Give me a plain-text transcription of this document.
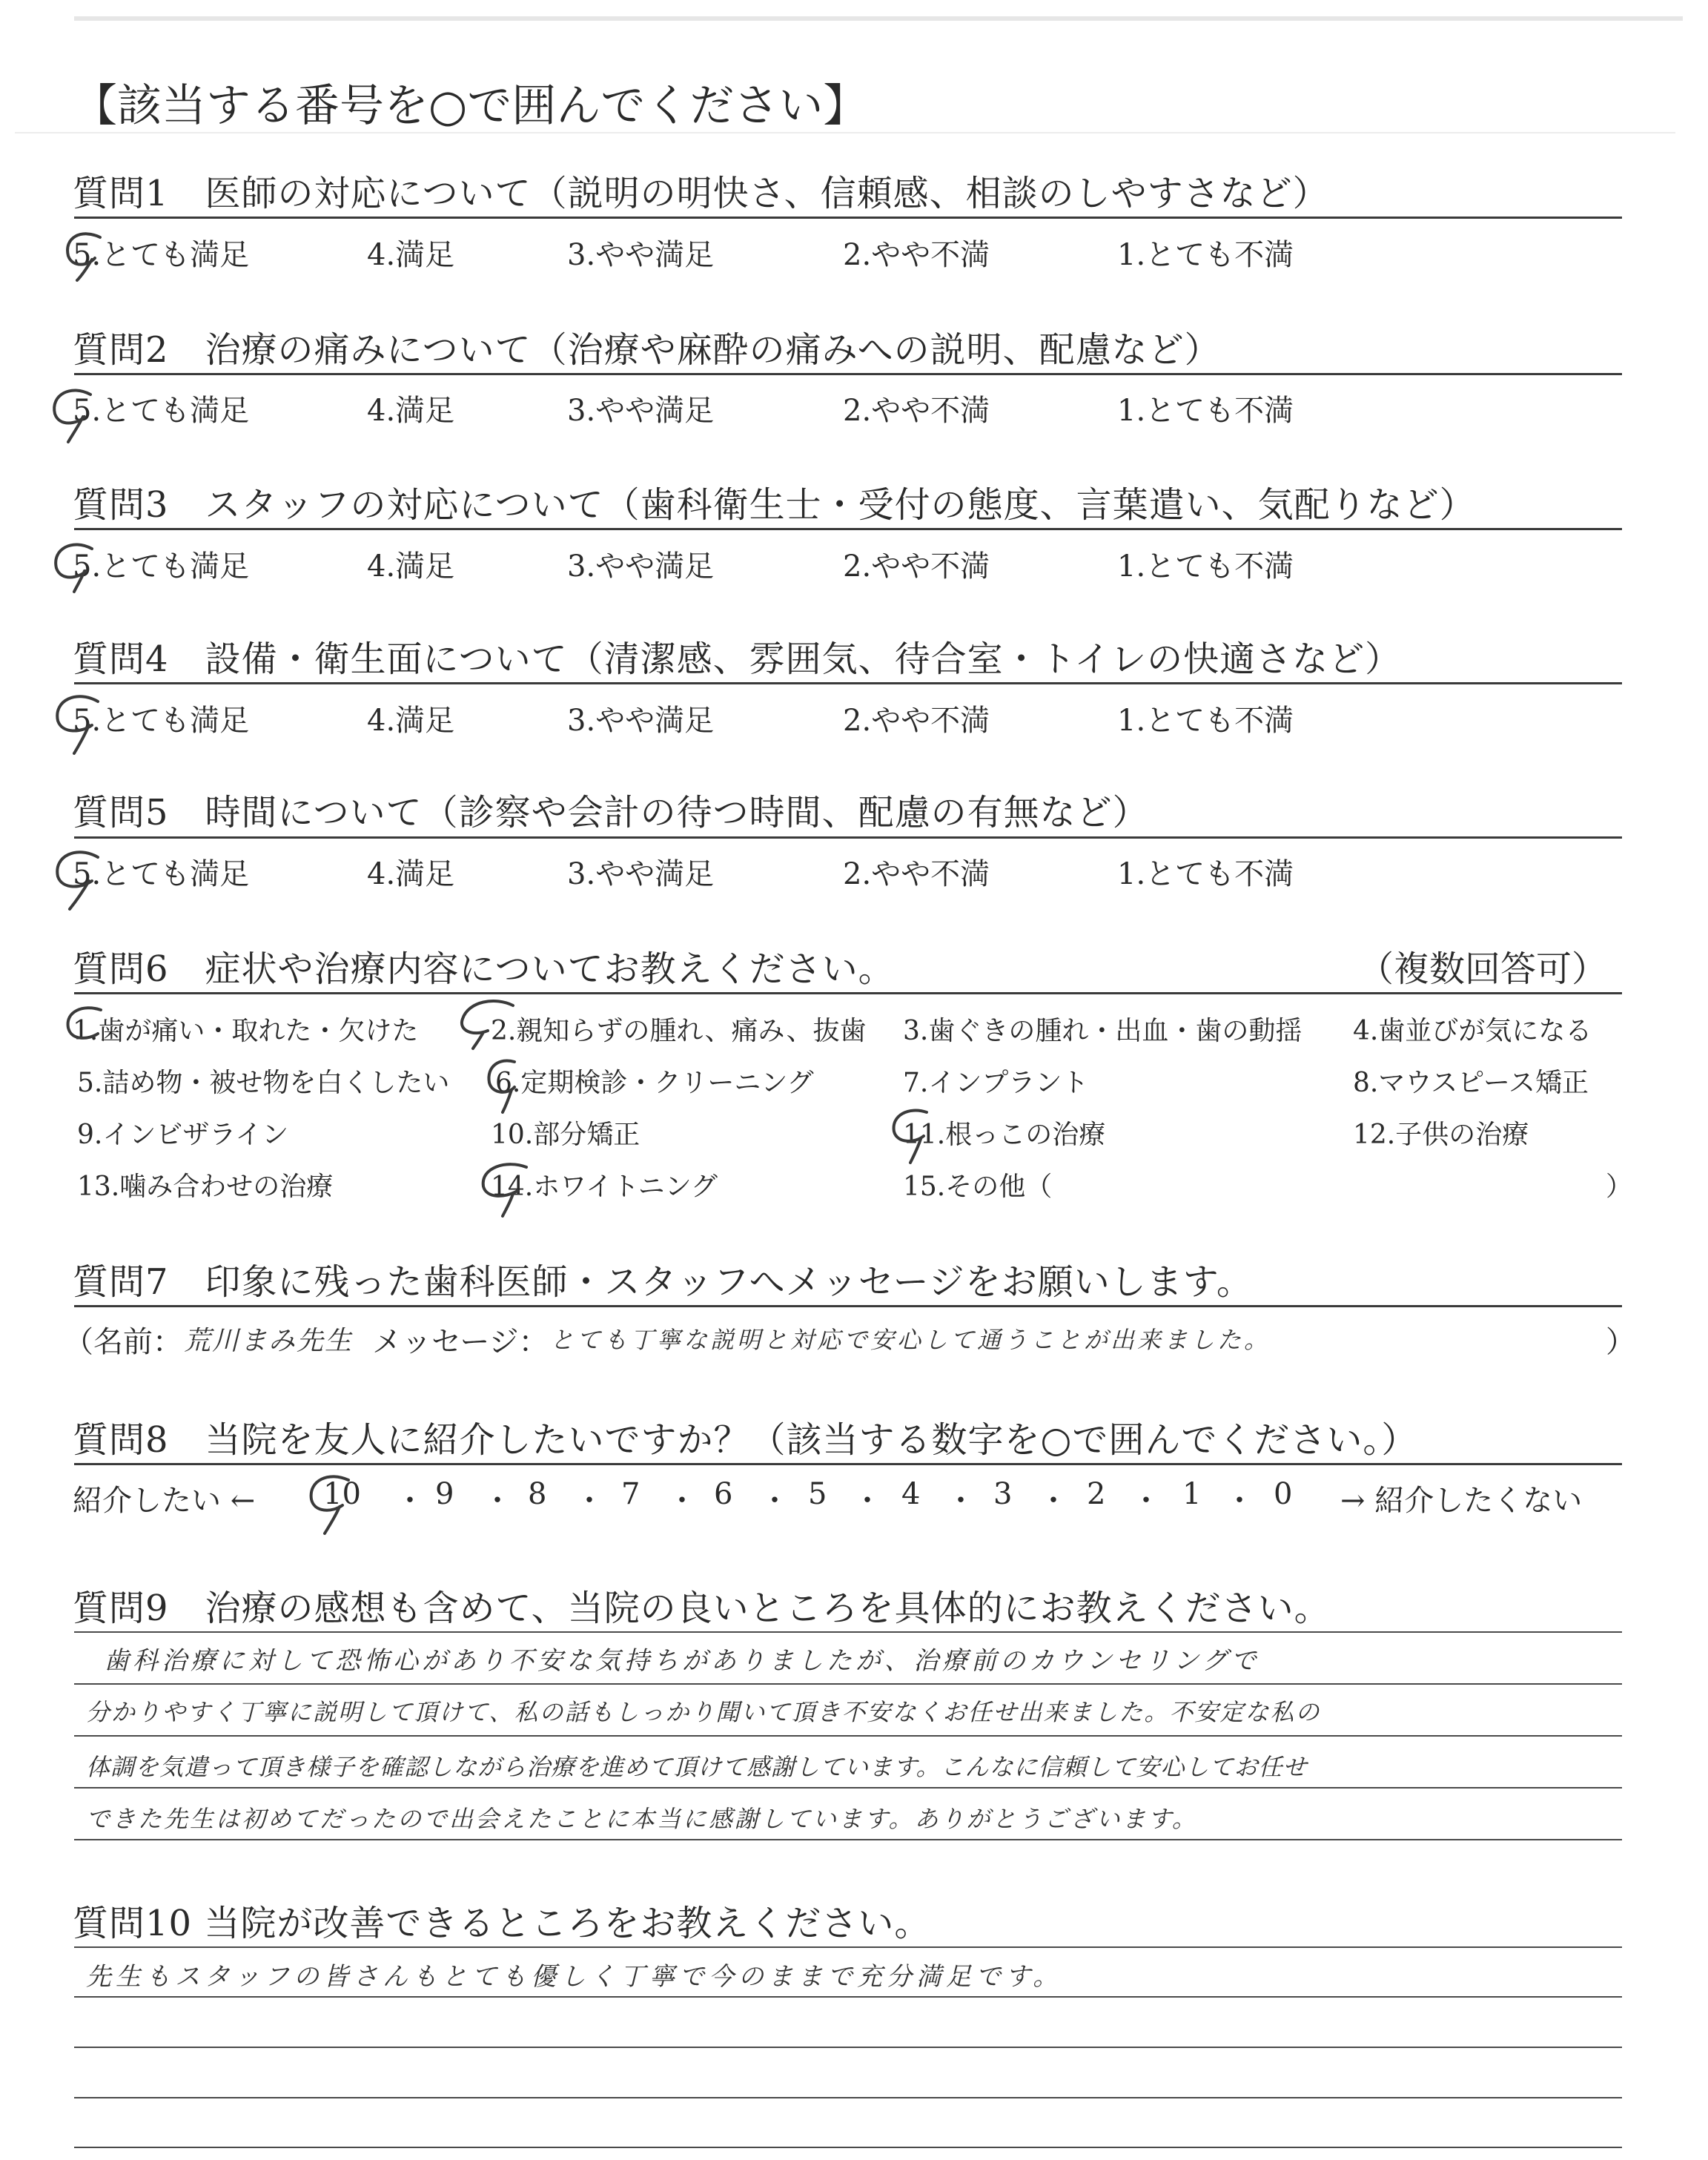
【該当する番号を○で囲んでください】
質問1　医師の対応について（説明の明快さ、信頼感、相談のしやすさなど）
5.とても満足	4.満足	3.やや満足	2.やや不満	1.とても不満
質問2　治療の痛みについて（治療や麻酔の痛みへの説明、配慮など）
5.とても満足	4.満足	3.やや満足	2.やや不満	1.とても不満
質問3　スタッフの対応について（歯科衛生士・受付の態度、言葉遣い、気配りなど）
5.とても満足	4.満足	3.やや満足	2.やや不満	1.とても不満
質問4　設備・衛生面について（清潔感、雰囲気、待合室・トイレの快適さなど）
5.とても満足	4.満足	3.やや満足	2.やや不満	1.とても不満
質問5　時間について（診察や会計の待つ時間、配慮の有無など）
5.とても満足	4.満足	3.やや満足	2.やや不満	1.とても不満
質問6　症状や治療内容についてお教えください。	（複数回答可）
1.歯が痛い・取れた・欠けた	2.親知らずの腫れ、痛み、抜歯 3.歯ぐきの腫れ・出血・歯の動揺 4.歯並びが気になる
5.詰め物・被せ物を白くしたい 6.定期検診・クリーニング	7.インプラント	8.マウスピース矯正
9.インビザライン	10.部分矯正	11.根っこの治療	12.子供の治療
13.噛み合わせの治療	14.ホワイトニング	15.その他（	）
質問7　印象に残った歯科医師・スタッフへメッセージをお願いします。
（名前： 荒川まみ先生 メッセージ： とても丁寧な説明と対応で安心して通うことが出来ました。	）
質問8　当院を友人に紹介したいですか？（該当する数字を○で囲んでください。）
紹介したい ← 10 ・ 9 ・ 8 ・ 7 ・ 6 ・ 5 ・ 4 ・ 3 ・ 2 ・ 1 ・ 0 → 紹介したくない
質問9　治療の感想も含めて、当院の良いところを具体的にお教えください。
歯科治療に対して恐怖心があり不安な気持ちがありましたが、治療前のカウンセリングで
分かりやすく丁寧に説明して頂けて、私の話もしっかり聞いて頂き不安なくお任せ出来ました。不安定な私の
体調を気遣って頂き様子を確認しながら治療を進めて頂けて感謝しています。こんなに信頼して安心してお任せ
できた先生は初めてだったので出会えたことに本当に感謝しています。ありがとうございます。
質問10 当院が改善できるところをお教えください。
先生もスタッフの皆さんもとても優しく丁寧で今のままで充分満足です。
